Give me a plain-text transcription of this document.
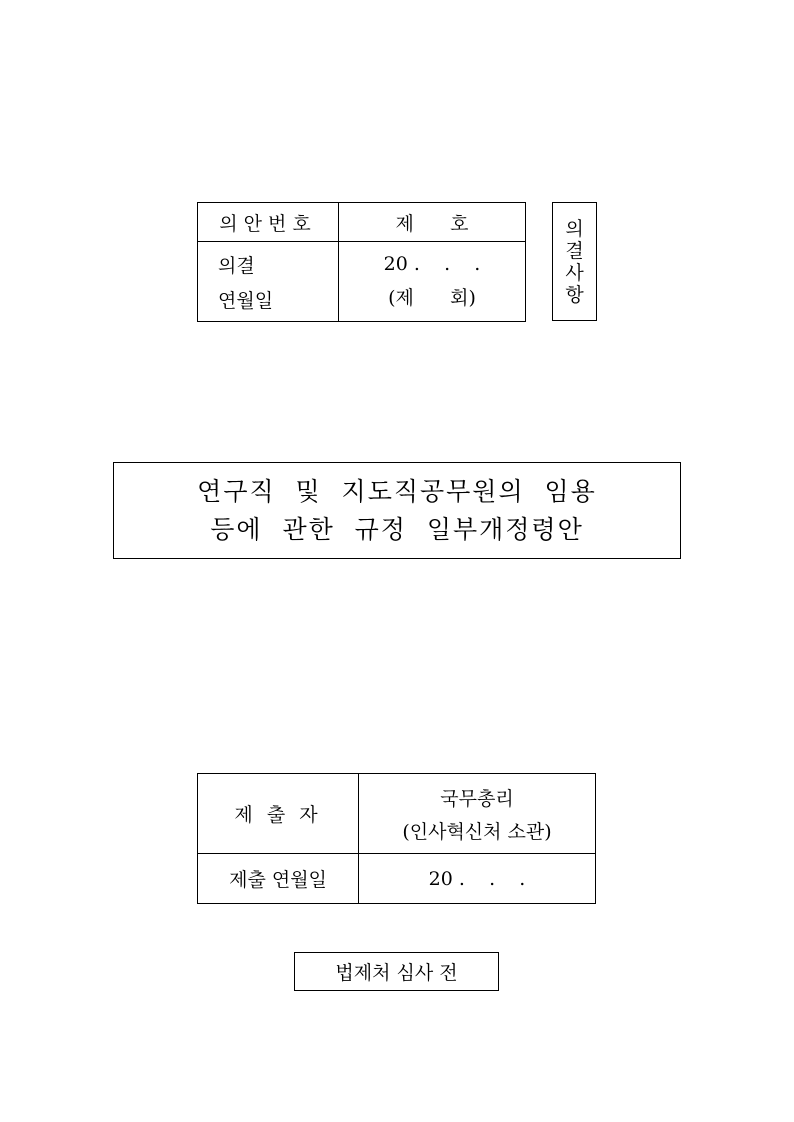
의안번호	제      호

의결
연월일	20 .    .    .
(제      회)
의
결
사
항
연구직  및  지도직공무원의  임용
등에  관한  규정  일부개정령안
제 출 자	국무총리
(인사혁신처 소관)

제출 연월일	20 .    .    .
법제처 심사 전
